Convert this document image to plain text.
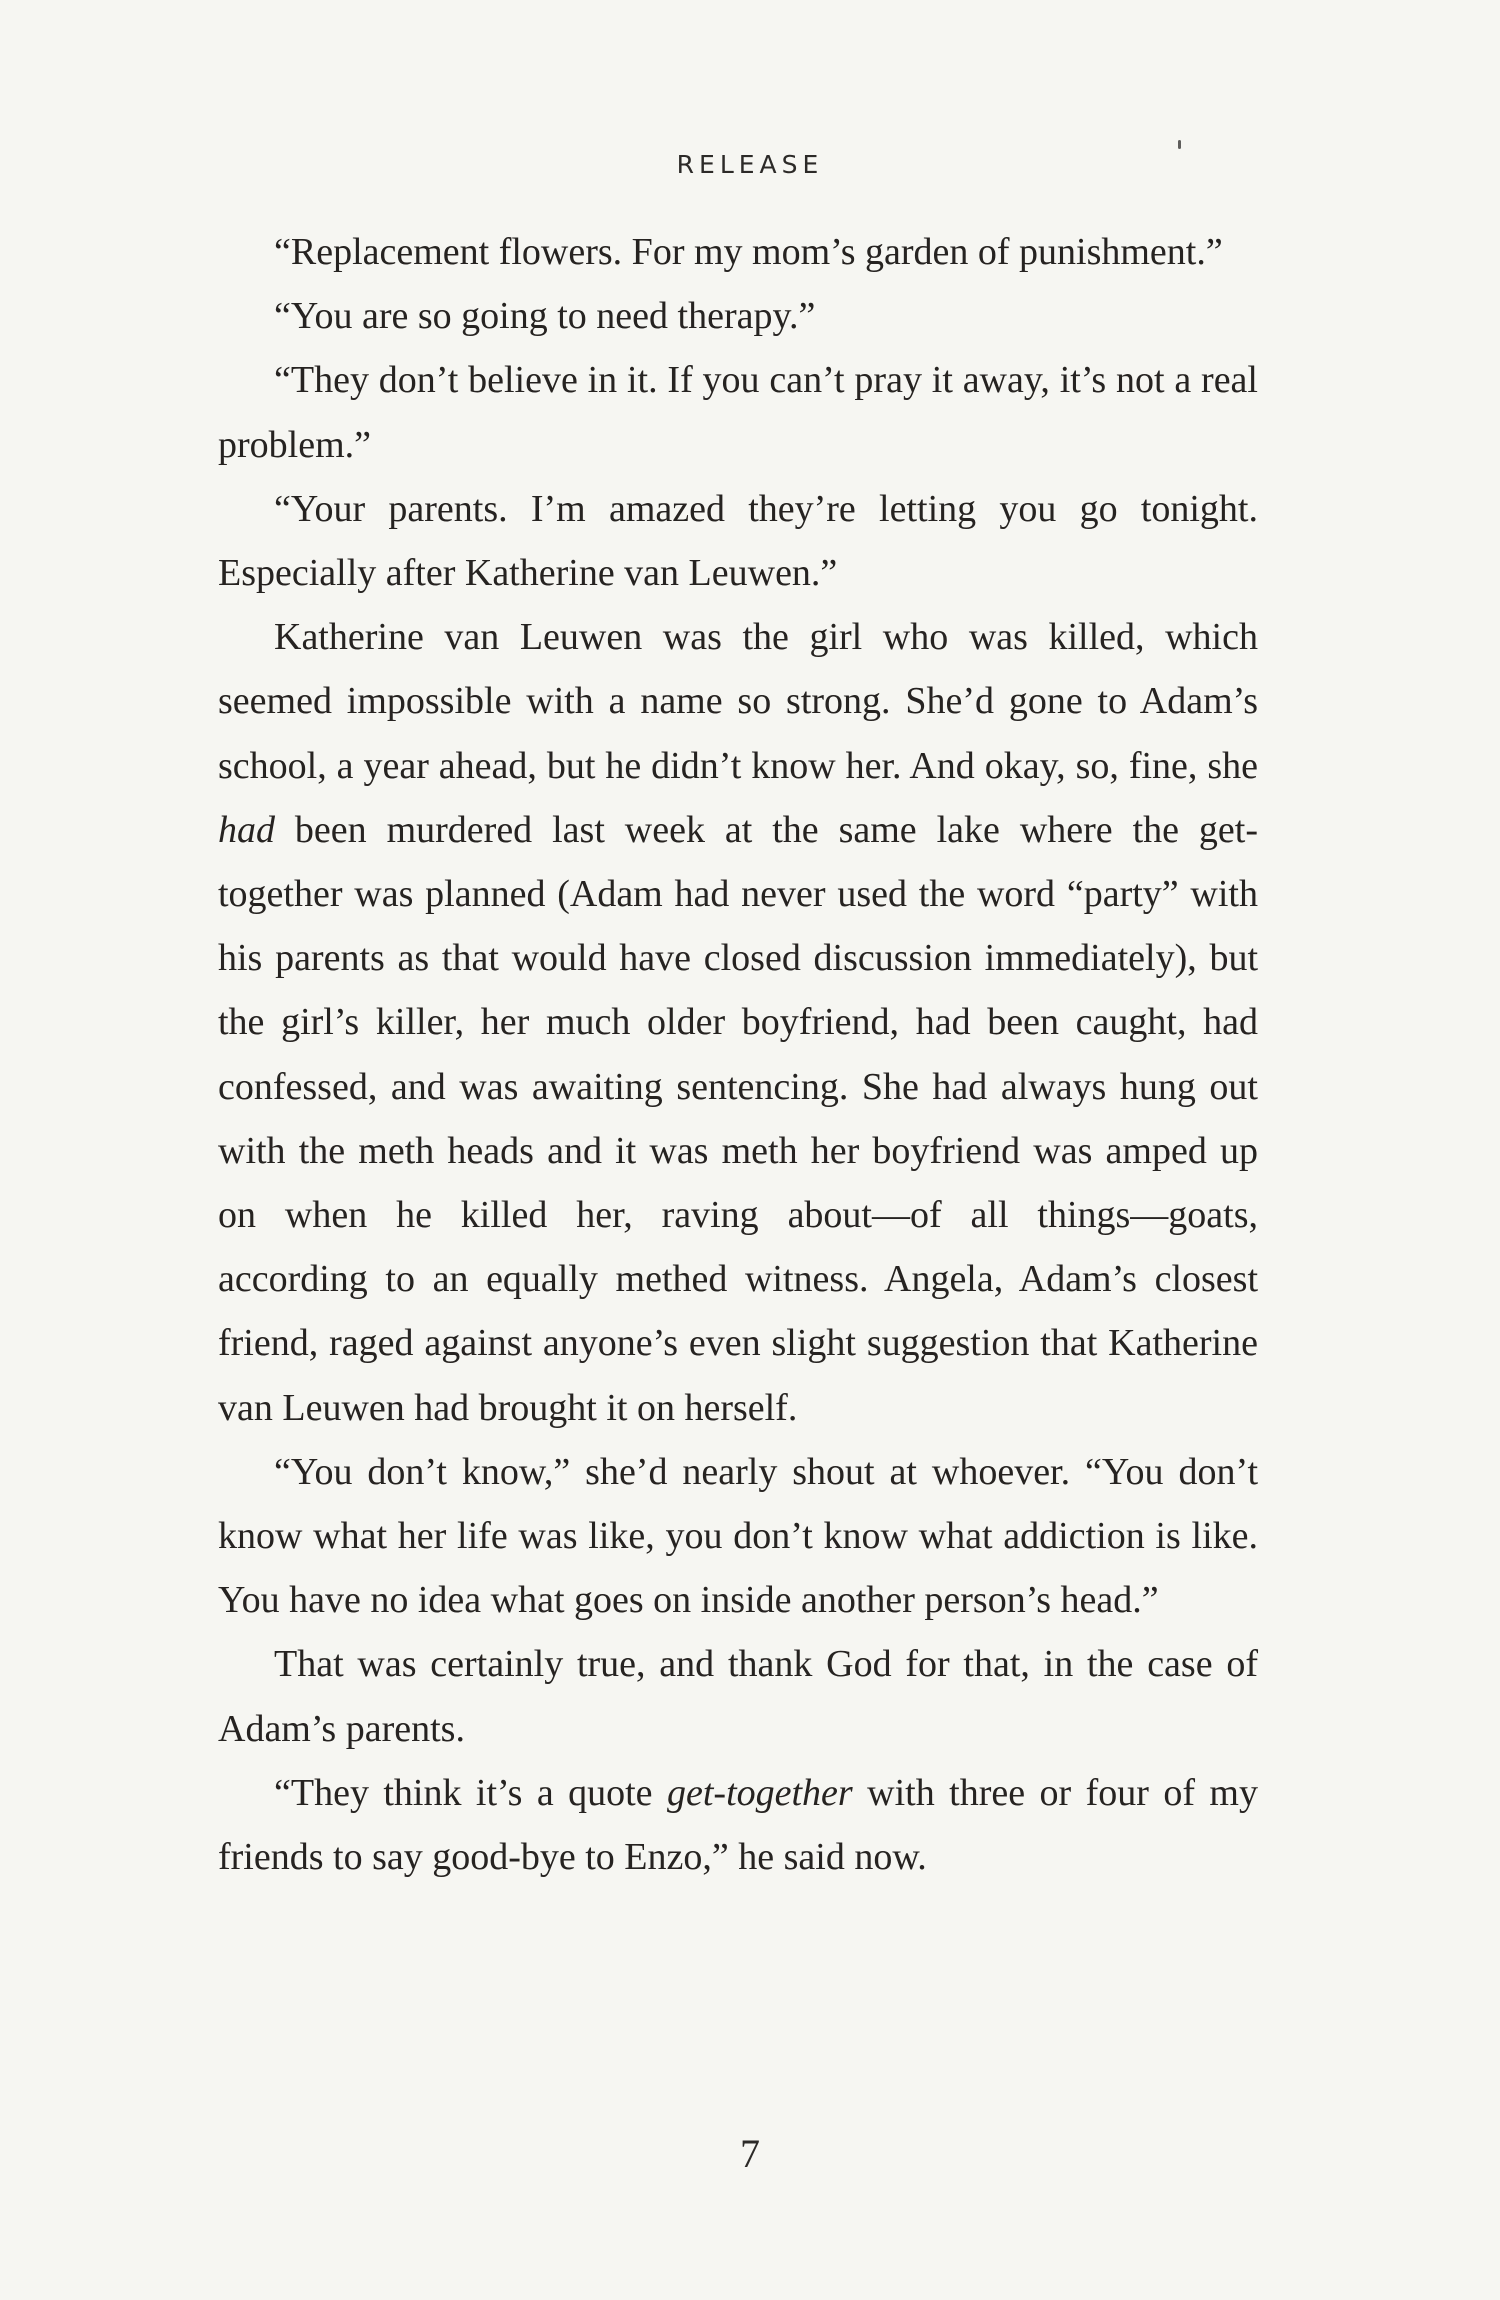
RELEASE

“Replacement flowers. For my mom’s garden of punishment.”

“You are so going to need therapy.”

“They don’t believe in it. If you can’t pray it away, it’s not a real problem.”

“Your parents. I’m amazed they’re letting you go tonight. Especially after Katherine van Leuwen.”

Katherine van Leuwen was the girl who was killed, which seemed impossible with a name so strong. She’d gone to Adam’s school, a year ahead, but he didn’t know her. And okay, so, fine, she had been murdered last week at the same lake where the get-together was planned (Adam had never used the word “party” with his parents as that would have closed discussion immediately), but the girl’s killer, her much older boyfriend, had been caught, had confessed, and was awaiting sentencing. She had always hung out with the meth heads and it was meth her boyfriend was amped up on when he killed her, raving about—of all things—goats, according to an equally methed witness. Angela, Adam’s closest friend, raged against anyone’s even slight suggestion that Katherine van Leuwen had brought it on herself.

“You don’t know,” she’d nearly shout at whoever. “You don’t know what her life was like, you don’t know what addiction is like. You have no idea what goes on inside another person’s head.”

That was certainly true, and thank God for that, in the case of Adam’s parents.

“They think it’s a quote get-together with three or four of my friends to say good-bye to Enzo,” he said now.

7
